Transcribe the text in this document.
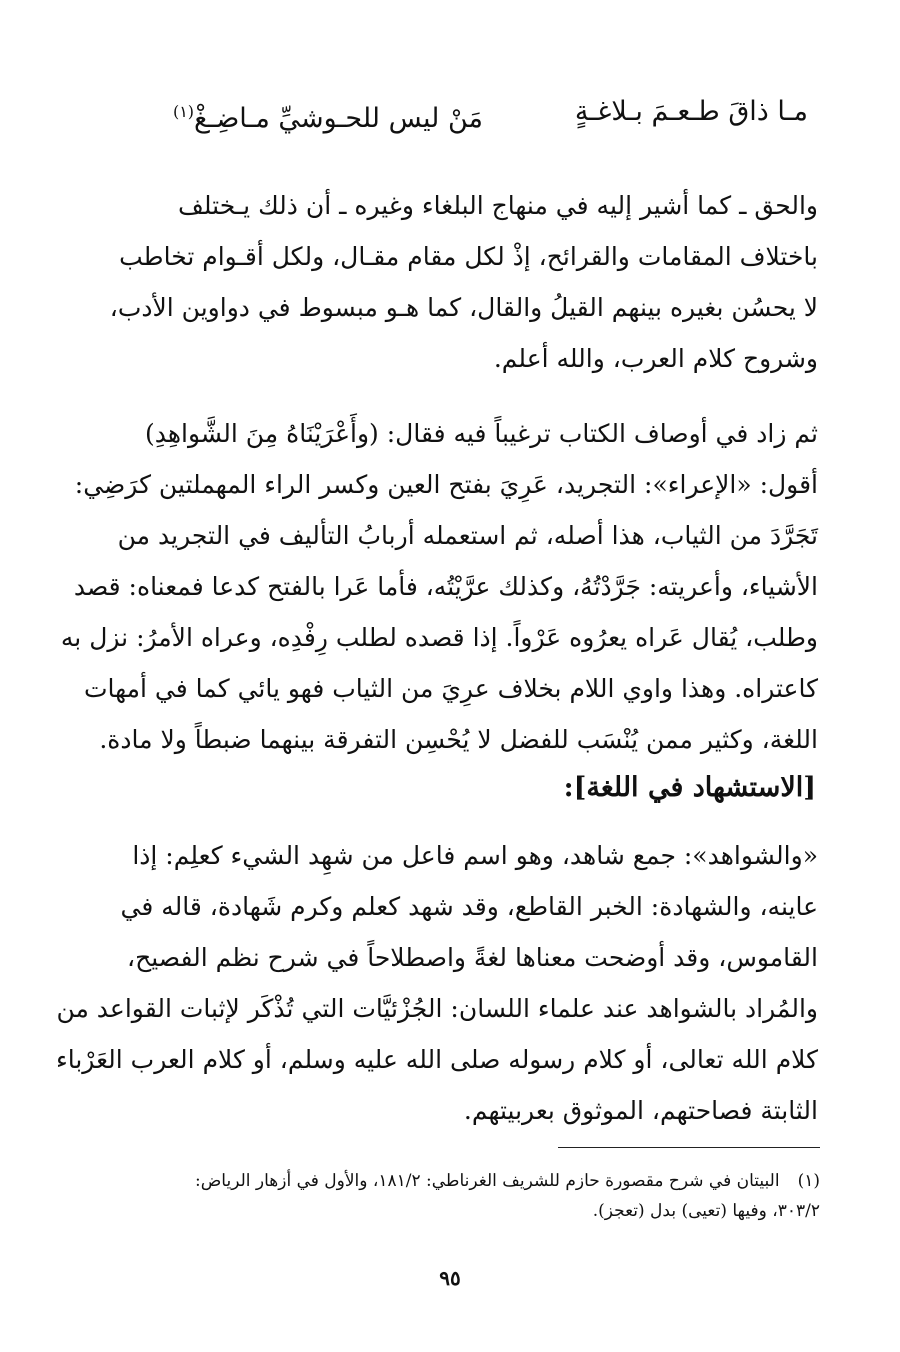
مـا ذاقَ طـعـمَ بـلاغـةٍ
مَنْ ليس للحـوشيِّ مـاضِـغْ$^{(١)}$
والحق ـ كما أشير إليه في منهاج البلغاء وغيره ـ أن ذلك يـختلف
باختلاف المقامات والقرائح، إذْ لكل مقام مقـال، ولكل أقـوام تخاطب
لا يحسُن بغيره بينهم القيلُ والقال، كما هـو مبسوط في دواوين الأدب،
وشروح كلام العرب، والله أعلم.
ثم زاد في أوصاف الكتاب ترغيباً فيه فقال: (وأَعْرَيْنَاهُ مِنَ الشَّواهِدِ)
أقول: «الإعراء»: التجريد، عَرِيَ بفتح العين وكسر الراء المهملتين كرَضِي:
تَجَرَّدَ من الثياب، هذا أصله، ثم استعمله أربابُ التأليف في التجريد من
الأشياء، وأعريته: جَرَّدْتُهُ، وكذلك عرَّيْتُه، فأما عَرا بالفتح كدعا فمعناه: قصد
وطلب، يُقال عَراه يعرُوه عَرْواً. إذا قصده لطلب رِفْدِه، وعراه الأمرُ: نزل به
كاعتراه. وهذا واوي اللام بخلاف عرِيَ من الثياب فهو يائي كما في أمهات
اللغة، وكثير ممن يُنْسَب للفضل لا يُحْسِن التفرقة بينهما ضبطاً ولا مادة.
[الاستشهاد في اللغة]:
«والشواهد»: جمع شاهد، وهو اسم فاعل من شهِد الشيء كعلِم: إذا
عاينه، والشهادة: الخبر القاطع، وقد شهد كعلم وكرم شَهادة، قاله في
القاموس، وقد أوضحت معناها لغةً واصطلاحاً في شرح نظم الفصيح،
والمُراد بالشواهد عند علماء اللسان: الجُزْئيَّات التي تُذْكَر لإثبات القواعد من
كلام الله تعالى، أو كلام رسوله صلى الله عليه وسلم، أو كلام العرب العَرْباء
الثابتة فصاحتهم، الموثوق بعربيتهم.
(١)البيتان في شرح مقصورة حازم للشريف الغرناطي: ١٨١/٢، والأول في أزهار الرياض:
٣٠٣/٢، وفيها (تعيى) بدل (تعجز).
٩٥
